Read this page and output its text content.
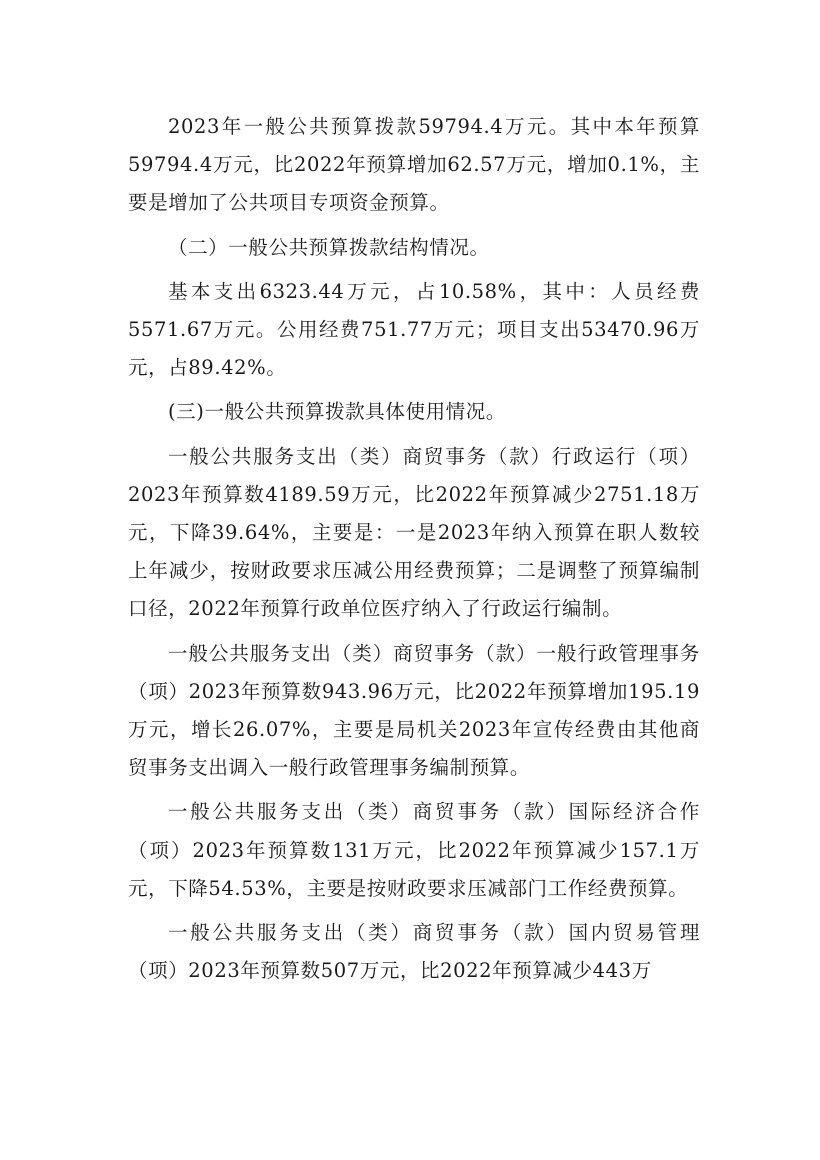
2023年一般公共预算拨款59794.4万元。其中本年预算59794.4万元，比2022年预算增加62.57万元，增加0.1%，主要是增加了公共项目专项资金预算。

（二）一般公共预算拨款结构情况。

基本支出6323.44万元，占10.58%，其中：人员经费5571.67万元。公用经费751.77万元；项目支出53470.96万元，占89.42%。

(三)一般公共预算拨款具体使用情况。

一般公共服务支出（类）商贸事务（款）行政运行（项）2023年预算数4189.59万元，比2022年预算减少2751.18万元，下降39.64%，主要是：一是2023年纳入预算在职人数较上年减少，按财政要求压减公用经费预算；二是调整了预算编制口径，2022年预算行政单位医疗纳入了行政运行编制。

一般公共服务支出（类）商贸事务（款）一般行政管理事务（项）2023年预算数943.96万元，比2022年预算增加195.19万元，增长26.07%，主要是局机关2023年宣传经费由其他商贸事务支出调入一般行政管理事务编制预算。

一般公共服务支出（类）商贸事务（款）国际经济合作（项）2023年预算数131万元，比2022年预算减少157.1万元，下降54.53%，主要是按财政要求压减部门工作经费预算。

一般公共服务支出（类）商贸事务（款）国内贸易管理（项）2023年预算数507万元，比2022年预算减少443万
